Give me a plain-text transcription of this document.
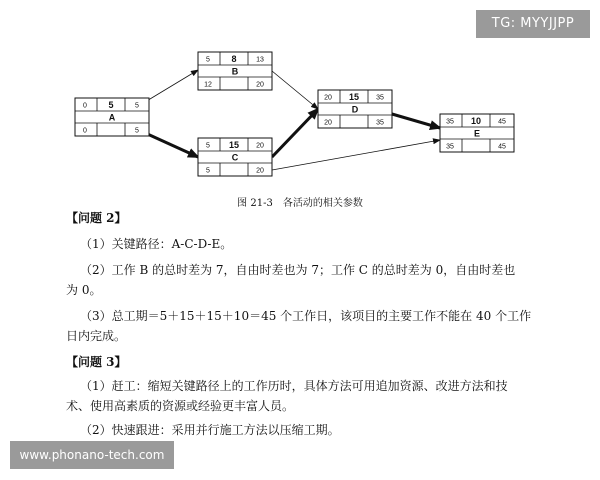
0 5	5
A
0	5
5 8	13
B
12	20
5 15 20
C
5	20
20 15 35
D
20	35	35 10 45
E
35	45
TG: MYYJJPP
图 21-3　各活动的相关参数
【问题 2】
（1）关键路径：A-C-D-E。
（2）工作 B 的总时差为 7，自由时差也为 7；工作 C 的总时差为 0，自由时差也
为 0。
（3）总工期＝5＋15＋15＋10＝45 个工作日，该项目的主要工作不能在 40 个工作
日内完成。
【问题 3】
（1）赶工：缩短关键路径上的工作历时，具体方法可用追加资源、改进方法和技
术、使用高素质的资源或经验更丰富人员。
（2）快速跟进：采用并行施工方法以压缩工期。
www.phonano-tech.com
